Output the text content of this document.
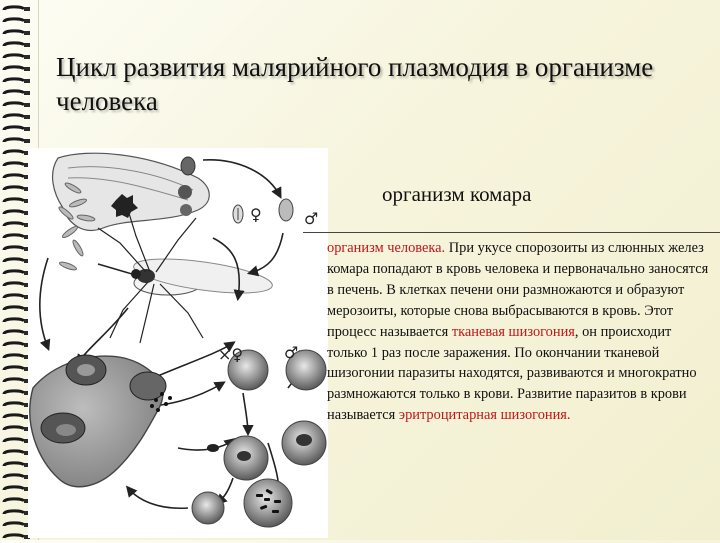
Цикл развития малярийного плазмодия в организме человека
♀	♂
×♀	♂
организм комара
организм человека. При укусе спорозоиты из слюнных желез комара попадают в кровь человека и первоначально заносятся в печень. В клетках печени они размножаются и образуют мерозоиты, которые снова выбрасываются в кровь. Этот процесс называется тканевая шизогония, он происходит только 1 раз после заражения. По окончании тканевой шизогонии паразиты находятся, развиваются и многократно размножаются только в крови. Развитие паразитов в крови называется эритроцитарная шизогония.
